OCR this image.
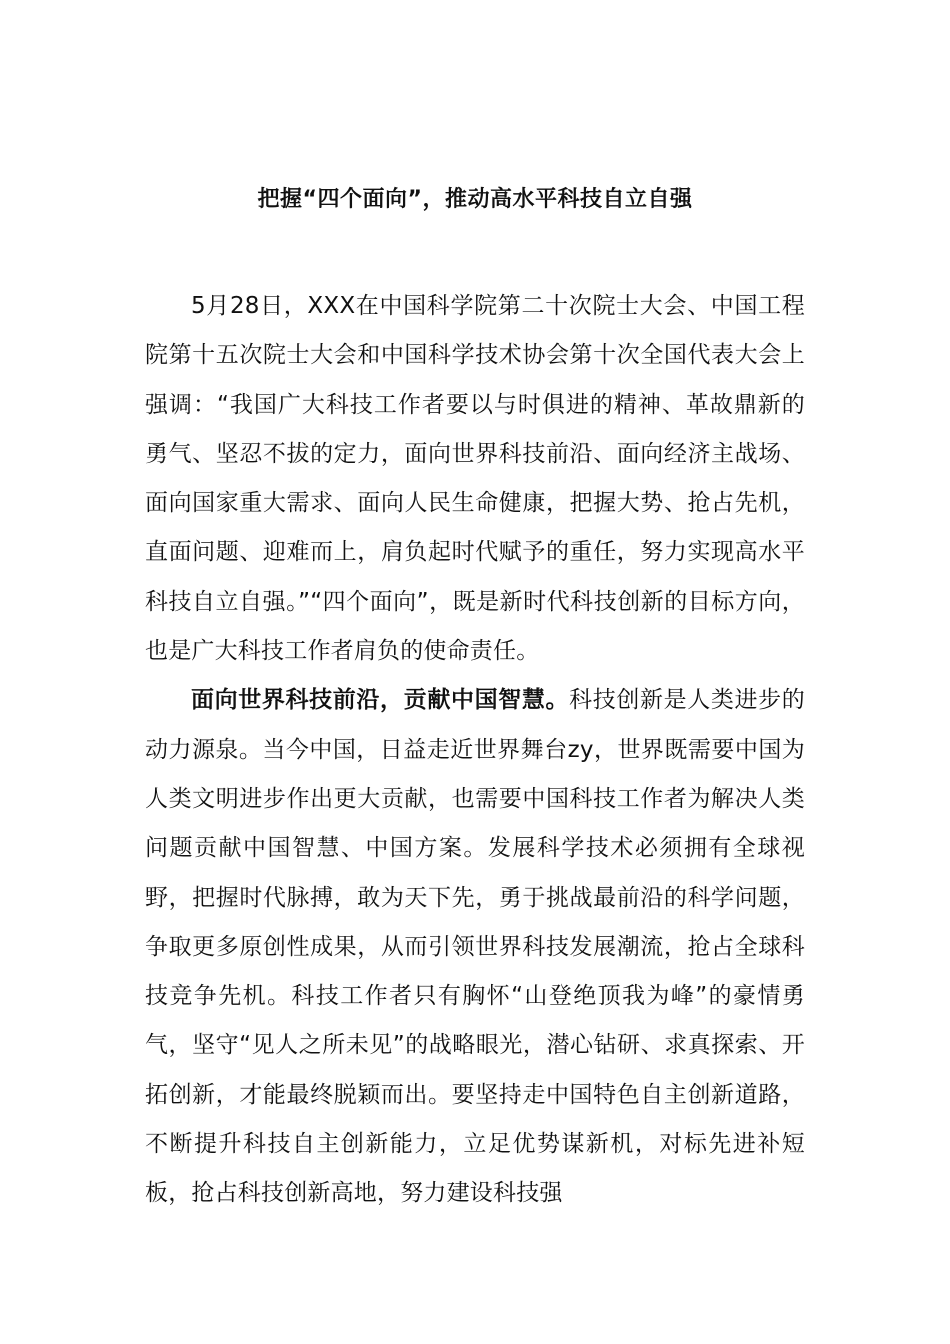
把握“四个面向”，推动高水平科技自立自强

5月28日，XXX在中国科学院第二十次院士大会、中国工程院第十五次院士大会和中国科学技术协会第十次全国代表大会上强调：“我国广大科技工作者要以与时俱进的精神、革故鼎新的勇气、坚忍不拔的定力，面向世界科技前沿、面向经济主战场、面向国家重大需求、面向人民生命健康，把握大势、抢占先机，直面问题、迎难而上，肩负起时代赋予的重任，努力实现高水平科技自立自强。”“四个面向”，既是新时代科技创新的目标方向，也是广大科技工作者肩负的使命责任。

面向世界科技前沿，贡献中国智慧。科技创新是人类进步的动力源泉。当今中国，日益走近世界舞台zy，世界既需要中国为人类文明进步作出更大贡献，也需要中国科技工作者为解决人类问题贡献中国智慧、中国方案。发展科学技术必须拥有全球视野，把握时代脉搏，敢为天下先，勇于挑战最前沿的科学问题，争取更多原创性成果，从而引领世界科技发展潮流，抢占全球科技竞争先机。科技工作者只有胸怀“山登绝顶我为峰”的豪情勇气，坚守“见人之所未见”的战略眼光，潜心钻研、求真探索、开拓创新，才能最终脱颖而出。要坚持走中国特色自主创新道路，不断提升科技自主创新能力，立足优势谋新机，对标先进补短板，抢占科技创新高地，努力建设科技强
